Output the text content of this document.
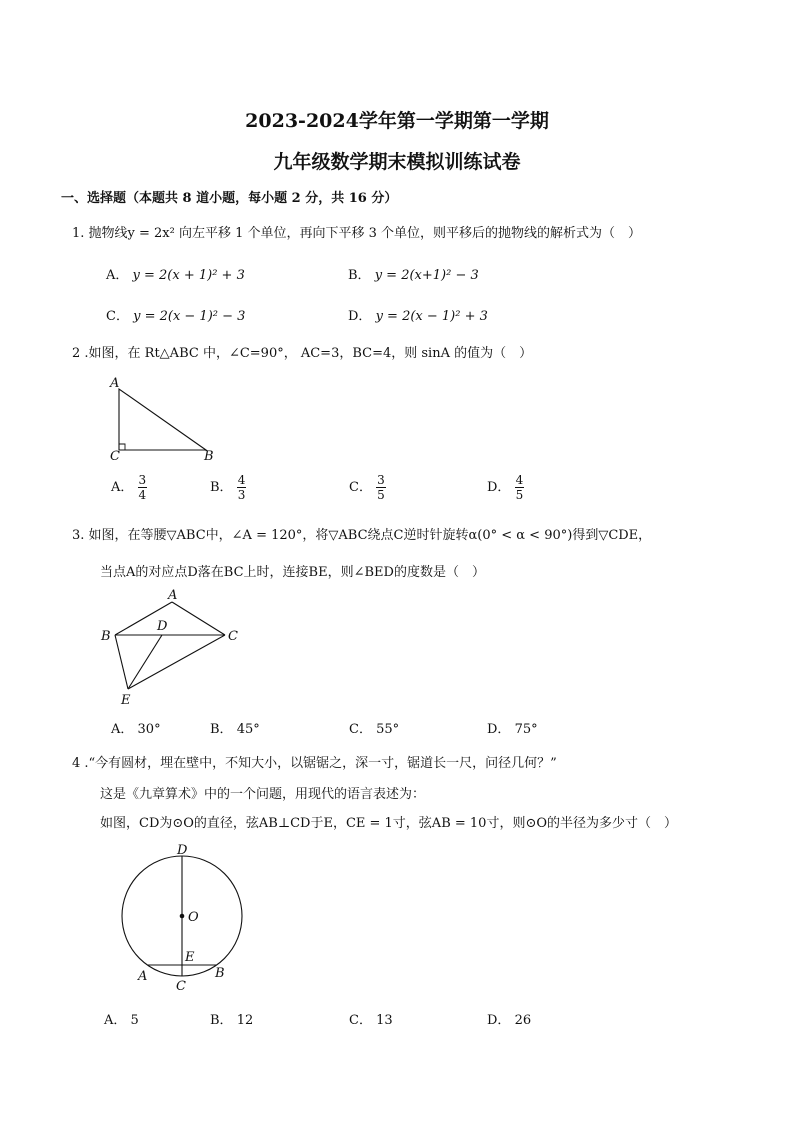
2023-2024学年第一学期第一学期
九年级数学期末模拟训练试卷
一、选择题（本题共 8 道小题，每小题 2 分，共 16 分）
1. 抛物线y = 2x² 向左平移 1 个单位，再向下平移 3 个单位，则平移后的抛物线的解析式为（　）
A． y = 2(x + 1)² + 3	B． y = 2(x+1)² − 3
C． y = 2(x − 1)² − 3	D． y = 2(x − 1)² + 3
2 .如图，在 Rt△ABC 中，∠C=90°， AC=3，BC=4，则 sinA 的值为（　）
A
C	B
A． $\frac{3}{4}$	B． $\frac{4}{3}$	C． $\frac{3}{5}$	D． $\frac{4}{5}$
3. 如图，在等腰▽ABC中，∠A = 120°，将▽ABC绕点C逆时针旋转α(0° < α < 90°)得到▽CDE，
当点A的对应点D落在BC上时，连接BE，则∠BED的度数是（　）
A
B	C
D
E
A． 30°	B． 45°	C． 55°	D． 75°
4 .“今有圆材，埋在壁中，不知大小，以锯锯之，深一寸，锯道长一尺，问径几何？”
这是《九章算术》中的一个问题，用现代的语言表述为：
如图，CD为⊙O的直径，弦AB⊥CD于E，CE = 1寸，弦AB = 10寸，则⊙O的半径为多少寸（　）
D
O
E
A	B
C
A． 5	B． 12	C． 13	D． 26
